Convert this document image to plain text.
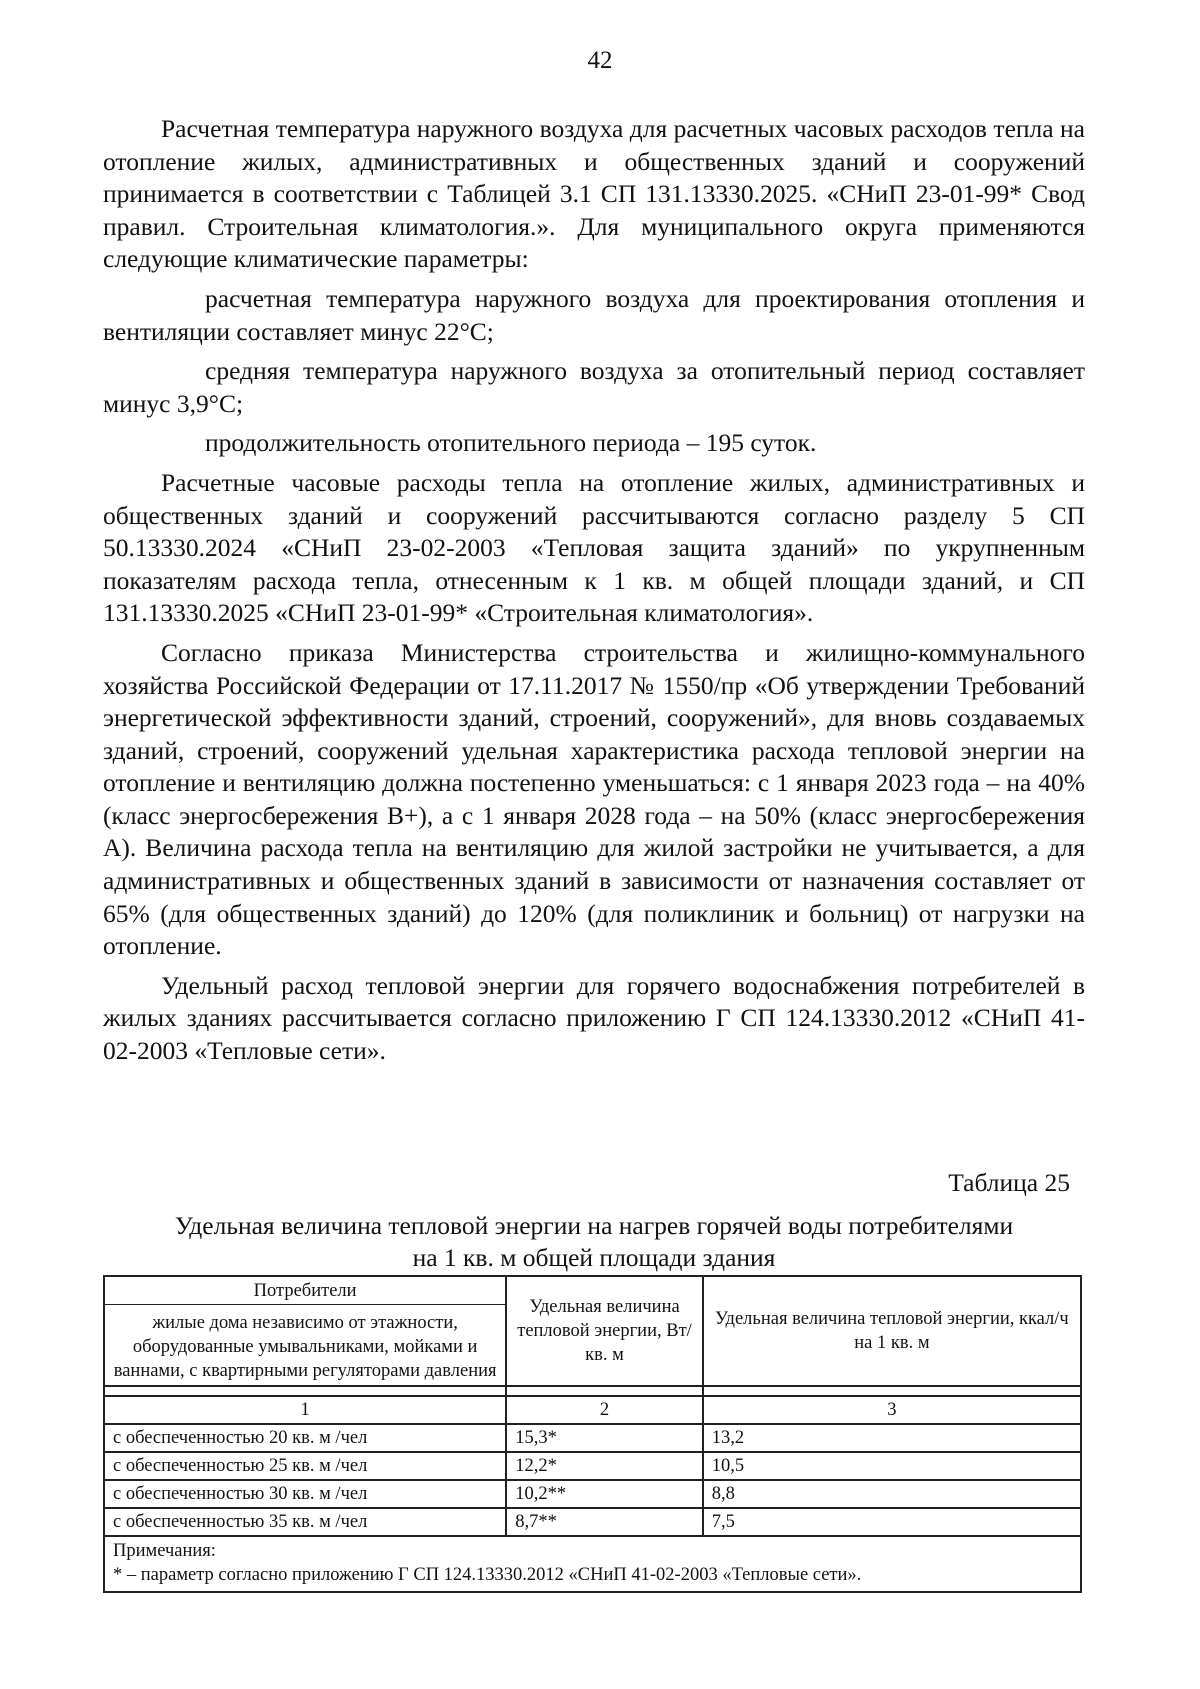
42

Расчетная температура наружного воздуха для расчетных часовых расходов тепла на отопление жилых, административных и общественных зданий и сооружений принимается в соответствии с Таблицей 3.1 СП 131.13330.2025. «СНиП 23-01-99* Свод правил. Строительная климатология.». Для муниципального округа применяются следующие климатические параметры:

расчетная температура наружного воздуха для проектирования отопления и вентиляции составляет минус 22°С;

средняя температура наружного воздуха за отопительный период составляет минус 3,9°С;

продолжительность отопительного периода – 195 суток.

Расчетные часовые расходы тепла на отопление жилых, административных и общественных зданий и сооружений рассчитываются согласно разделу 5 СП 50.13330.2024 «СНиП 23-02-2003 «Тепловая защита зданий» по укрупненным показателям расхода тепла, отнесенным к 1 кв. м общей площади зданий, и СП 131.13330.2025 «СНиП 23-01-99* «Строительная климатология».

Согласно приказа Министерства строительства и жилищно-коммунального хозяйства Российской Федерации от 17.11.2017 № 1550/пр «Об утверждении Требований энергетической эффективности зданий, строений, сооружений», для вновь создаваемых зданий, строений, сооружений удельная характеристика расхода тепловой энергии на отопление и вентиляцию должна постепенно уменьшаться: с 1 января 2023 года – на 40% (класс энергосбережения В+), а с 1 января 2028 года – на 50% (класс энергосбережения А). Величина расхода тепла на вентиляцию для жилой застройки не учитывается, а для административных и общественных зданий в зависимости от назначения составляет от 65% (для общественных зданий) до 120% (для поликлиник и больниц) от нагрузки на отопление.

Удельный расход тепловой энергии для горячего водоснабжения потребителей в жилых зданиях рассчитывается согласно приложению Г СП 124.13330.2012 «СНиП 41-02-2003 «Тепловые сети».

Таблица 25
Удельная величина тепловой энергии на нагрев горячей воды потребителями
на 1 кв. м общей площади здания
Потребители
жилые дома независимо от этажности, оборудованные умывальниками, мойками и ваннами, с квартирными регуляторами давления	Удельная величина тепловой энергии, Вт/кв. м	Удельная величина тепловой энергии, ккал/ч на 1 кв. м

1	2	3
с обеспеченностью 20 кв. м /чел	15,3*	13,2
с обеспеченностью 25 кв. м /чел	12,2*	10,5
с обеспеченностью 30 кв. м /чел	10,2**	8,8
с обеспеченностью 35 кв. м /чел	8,7**	7,5

Примечания:
* – параметр согласно приложению Г СП 124.13330.2012 «СНиП 41-02-2003 «Тепловые сети».		
